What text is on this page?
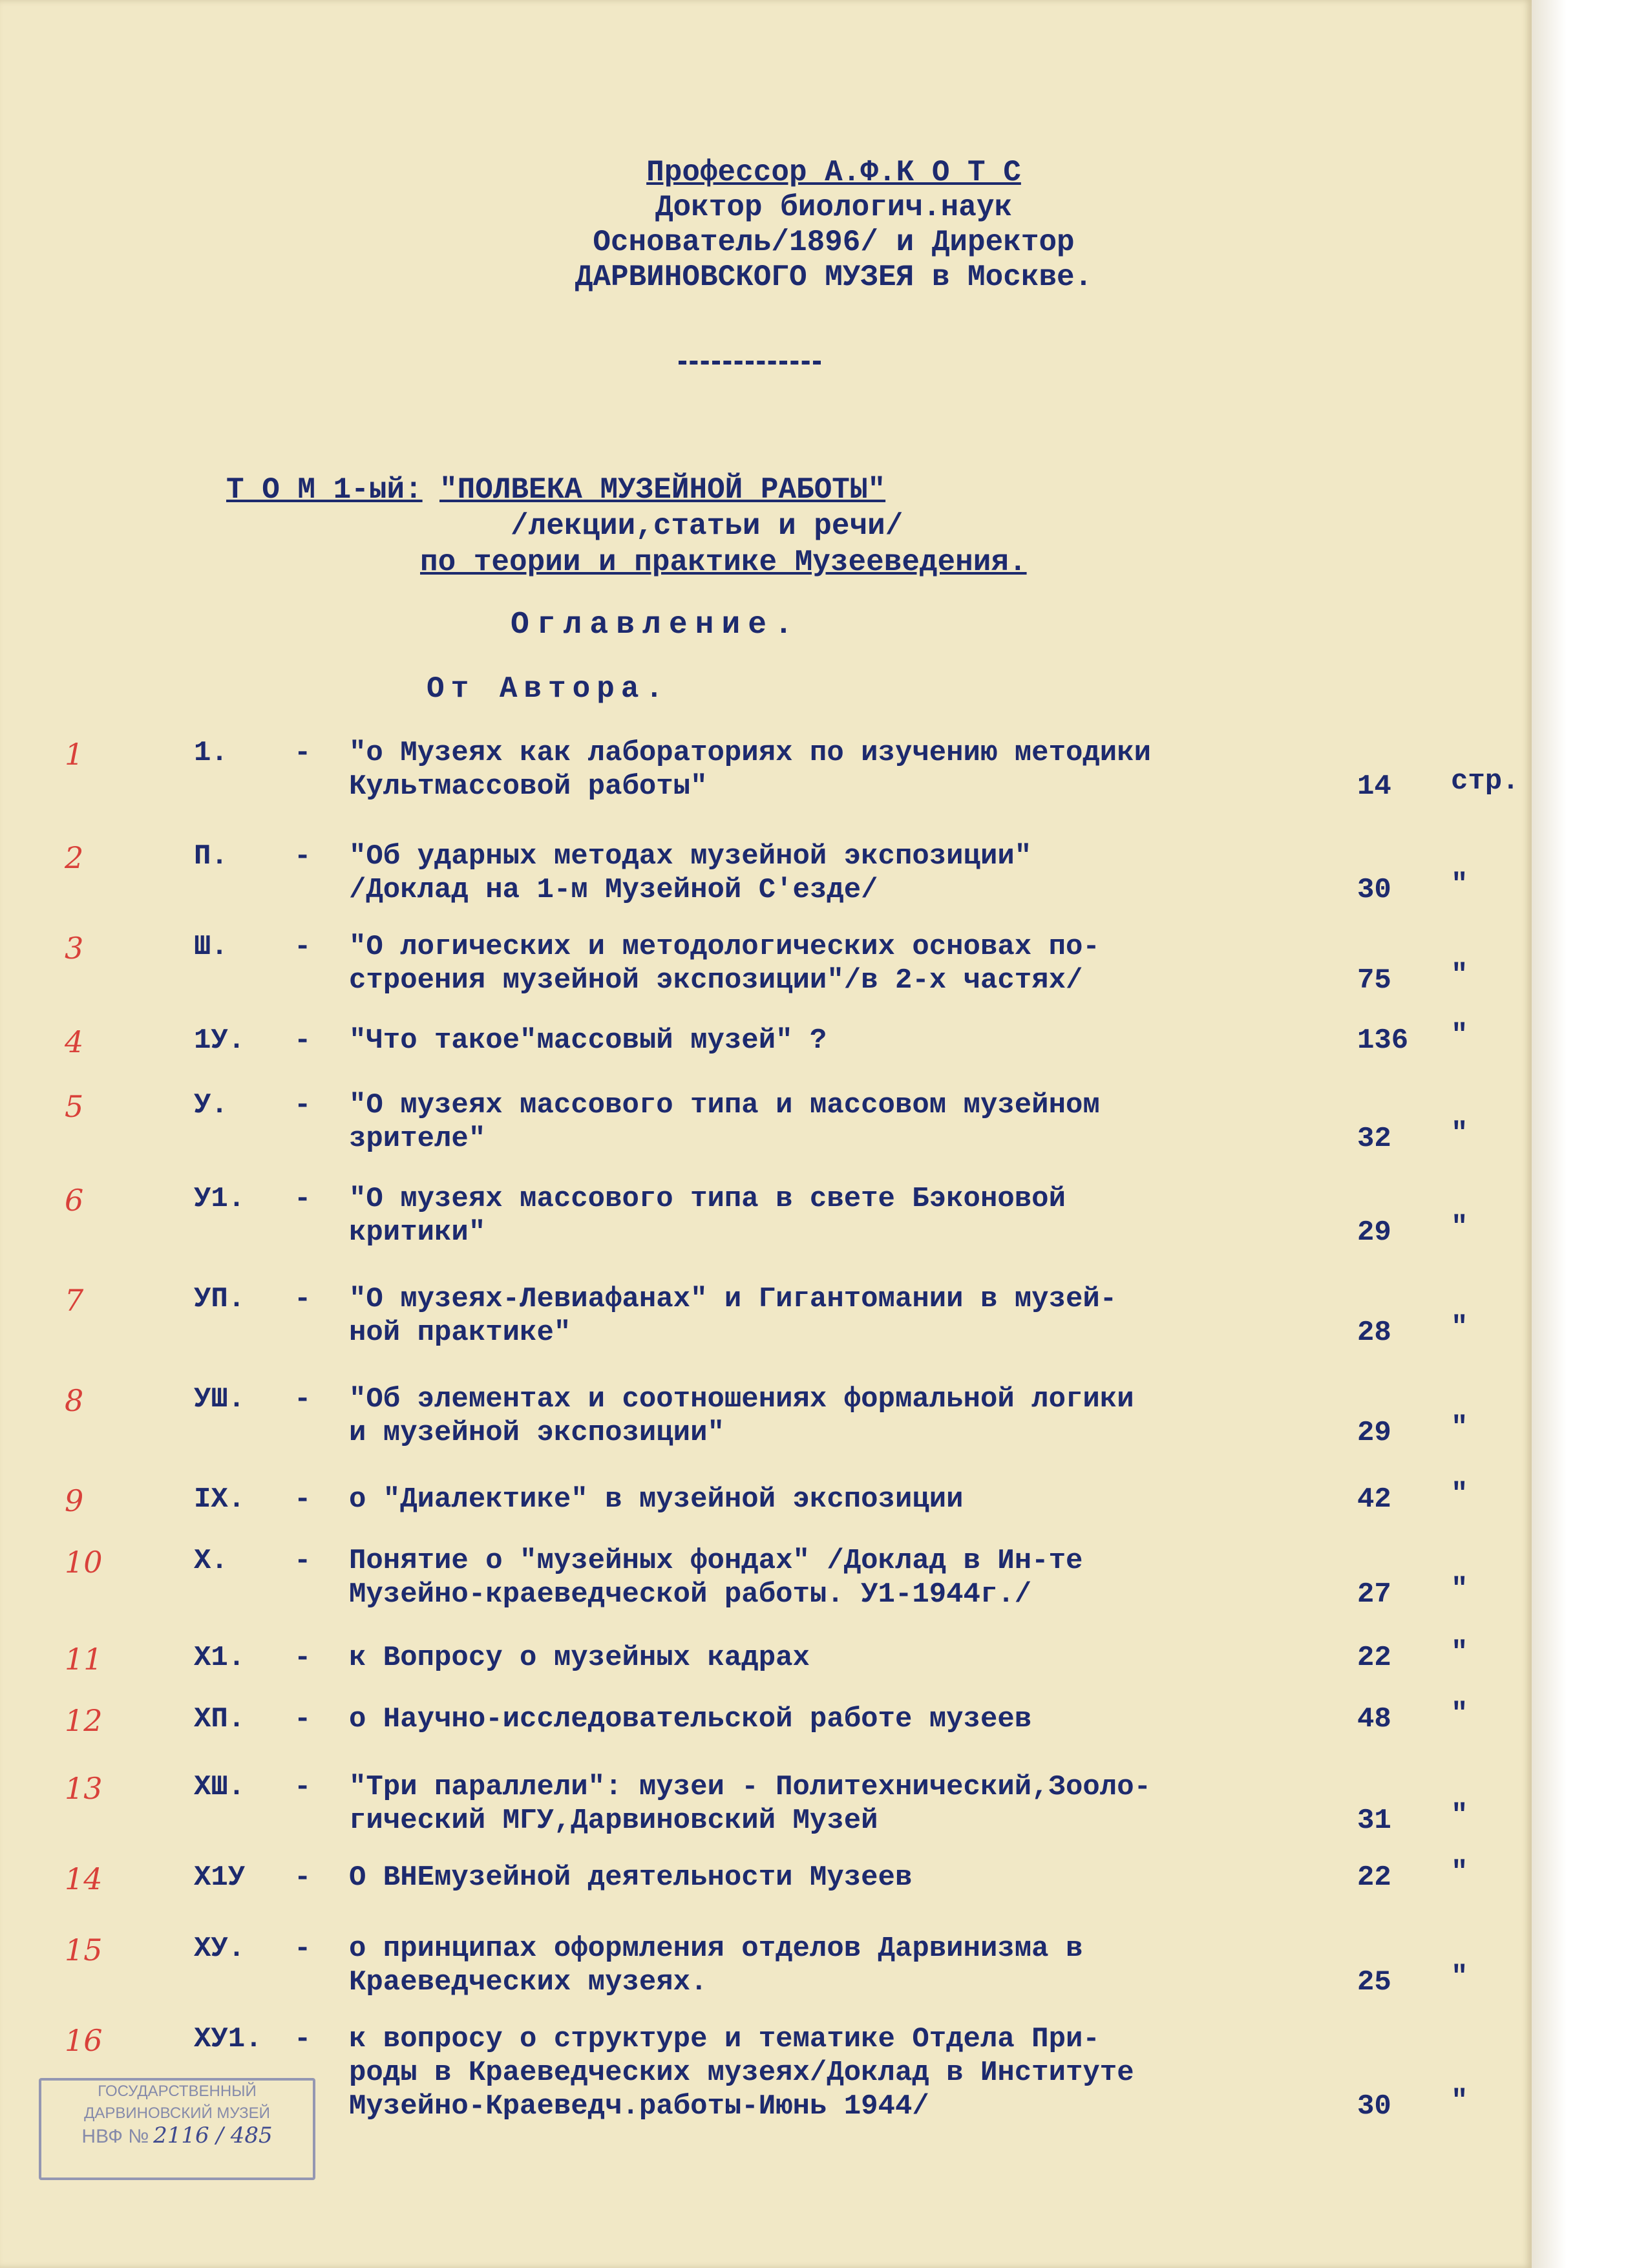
Профессор А.Ф.К О Т С
Доктор биологич.наук
Основатель/1896/ и Директор
ДАРВИНОВСКОГО МУЗЕЯ в Москве.
Т О М 1-ый: "ПОЛВЕКА МУЗЕЙНОЙ РАБОТЫ"
/лекции,статьи и речи/
по теории и практике Музееведения.
Оглавление.
От Автора.
1	1. - "о Музеях как лабораториях по изучению методики
Культмассовой работы"	14 стр.
2	П. - "Об ударных методах музейной экспозиции"
/Доклад на 1-м Музейной С'езде/	30 "
3	Ш. - "О логических и методологических основах по-
строения музейной экспозиции"/в 2-х частях/	75 "
4	1У. - "Что такое"массовый музей" ?	136 "
5	У. - "О музеях массового типа и массовом музейном
зрителе"	32 "
6	У1. - "О музеях массового типа в свете Бэконовой
критики"	29 "
7	УП. - "О музеях-Левиафанах" и Гигантомании в музей-
ной практике"	28 "
8	УШ. - "Об элементах и соотношениях формальной логики
и музейной экспозиции"	29 "
9	IX. - о "Диалектике" в музейной экспозиции	42 "
10	Х. - Понятие о "музейных фондах" /Доклад в Ин-те
Музейно-краеведческой работы. У1-1944г./	27 "
11	Х1. - к Вопросу о музейных кадрах	22 "
12	ХП. - о Научно-исследовательской работе музеев	48 "
13	ХШ. - "Три параллели": музеи - Политехнический,Зооло-
гический МГУ,Дарвиновский Музей	31 "
14	Х1У - О ВНЕмузейной деятельности Музеев	22 "
15	ХУ. - о принципах оформления отделов Дарвинизма в
Краеведческих музеях.	25 "
16	ХУ1. - к вопросу о структуре и тематике Отдела При-
роды в Краеведческих музеях/Доклад в Институте
Музейно-Краеведч.работы-Июнь 1944/	30 "
ГОСУДАРСТВЕННЫЙ
ДАРВИНОВСКИЙ МУЗЕЙ
НВФ № 2116 / 485
